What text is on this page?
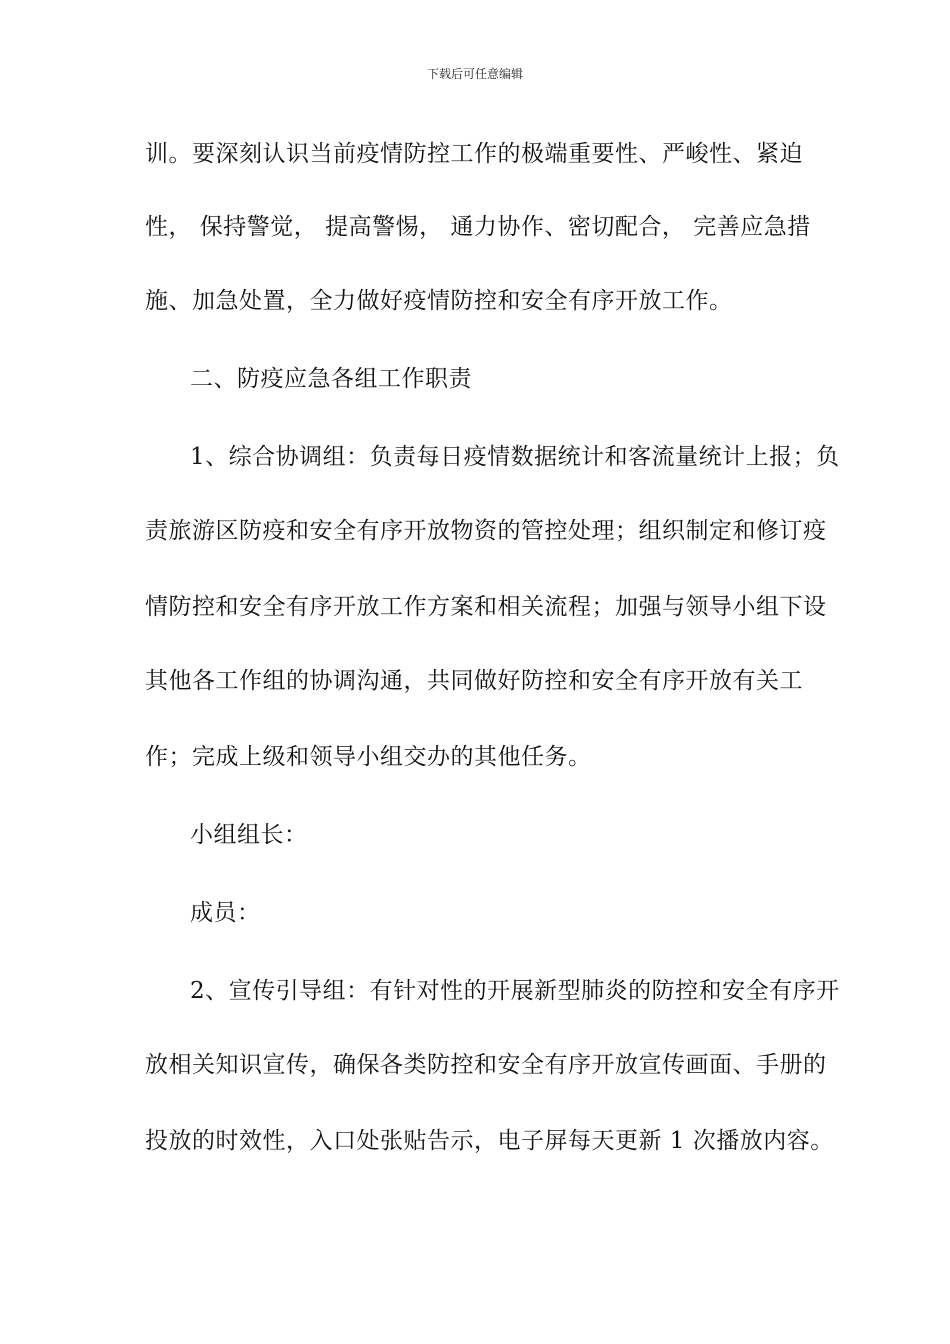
下载后可任意编辑
训。要深刻认识当前疫情防控工作的极端重要性、严峻性、紧迫
性， 保持警觉， 提高警惕， 通力协作、密切配合， 完善应急措
施、加急处置，全力做好疫情防控和安全有序开放工作。
二、防疫应急各组工作职责
1、综合协调组：负责每日疫情数据统计和客流量统计上报；负
责旅游区防疫和安全有序开放物资的管控处理；组织制定和修订疫
情防控和安全有序开放工作方案和相关流程；加强与领导小组下设
其他各工作组的协调沟通，共同做好防控和安全有序开放有关工
作；完成上级和领导小组交办的其他任务。
小组组长：
成员：
2、宣传引导组：有针对性的开展新型肺炎的防控和安全有序开
放相关知识宣传，确保各类防控和安全有序开放宣传画面、手册的
投放的时效性，入口处张贴告示，电子屏每天更新 1 次播放内容。
